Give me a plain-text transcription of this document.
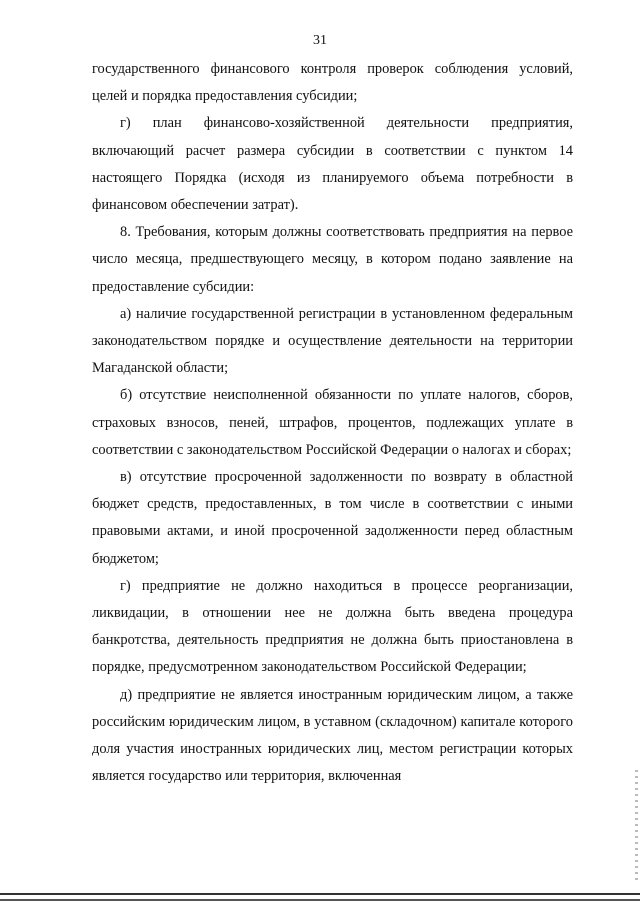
31

государственного финансового контроля проверок соблюдения условий, целей и порядка предоставления субсидии;

г) план финансово-хозяйственной деятельности предприятия, включающий расчет размера субсидии в соответствии с пунктом 14 настоящего Порядка (исходя из планируемого объема потребности в финансовом обеспечении затрат).

8. Требования, которым должны соответствовать предприятия на первое число месяца, предшествующего месяцу, в котором подано заявление на предоставление субсидии:

а) наличие государственной регистрации в установленном федеральным законодательством порядке и осуществление деятельности на территории Магаданской области;

б) отсутствие неисполненной обязанности по уплате налогов, сборов, страховых взносов, пеней, штрафов, процентов, подлежащих уплате в соответствии с законодательством Российской Федерации о налогах и сборах;

в) отсутствие просроченной задолженности по возврату в областной бюджет средств, предоставленных, в том числе в соответствии с иными правовыми актами, и иной просроченной задолженности перед областным бюджетом;

г) предприятие не должно находиться в процессе реорганизации, ликвидации, в отношении нее не должна быть введена процедура банкротства, деятельность предприятия не должна быть приостановлена в порядке, предусмотренном законодательством Российской Федерации;

д) предприятие не является иностранным юридическим лицом, а также российским юридическим лицом, в уставном (складочном) капитале которого доля участия иностранных юридических лиц, местом регистрации которых является государство или территория, включенная
